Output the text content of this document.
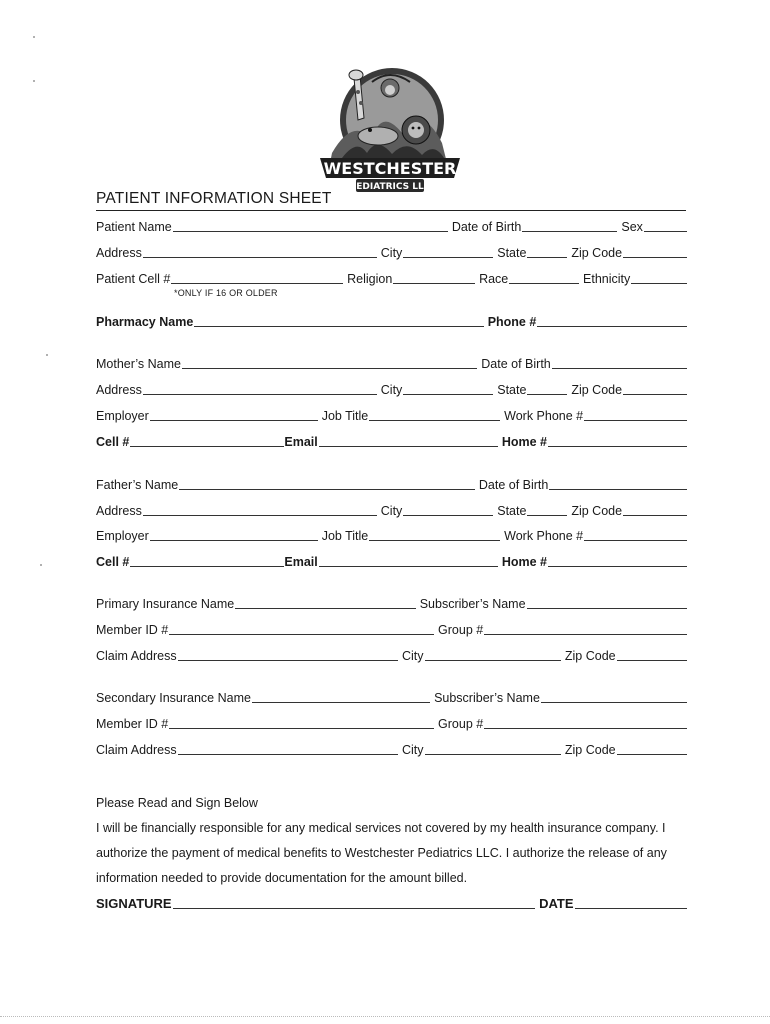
WESTCHESTER
PEDIATRICS LLC
PATIENT INFORMATION SHEET
Patient Name	Date of Birth	Sex
Address	City	State	Zip Code
Patient Cell #	Religion	Race	Ethnicity
*ONLY IF 16 OR OLDER
Pharmacy Name	Phone #
Mother’s Name	Date of Birth
Address	City	State	Zip Code
Employer	Job Title	Work Phone #
Cell #	Email	Home #
Father’s Name	Date of Birth
Address	City	State	Zip Code
Employer	Job Title	Work Phone #
Cell #	Email	Home #
Primary Insurance Name	Subscriber’s Name
Member ID #	Group #
Claim Address	City	Zip Code
Secondary Insurance Name	Subscriber’s Name
Member ID #	Group #
Claim Address	City	Zip Code
Please Read and Sign Below
I will be financially responsible for any medical services not covered by my health insurance company. I
authorize the payment of medical benefits to Westchester Pediatrics LLC. I authorize the release of any
information needed to provide documentation for the amount billed.
SIGNATURE	DATE
